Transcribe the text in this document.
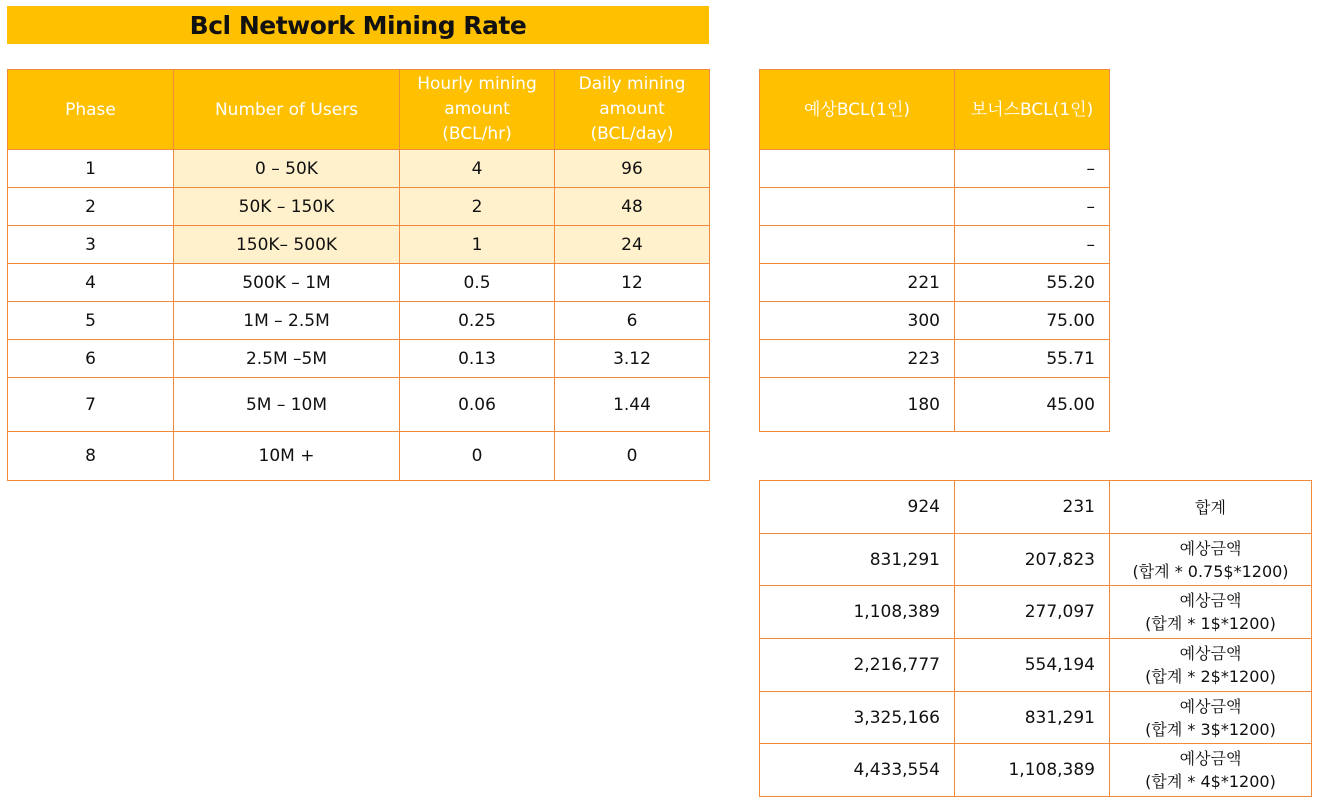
Bcl Network Mining Rate
Phase	Number of Users	Hourly mining amount (BCL/hr)	Daily mining amount (BCL/day)
1	0 – 50K	4	96
2	50K – 150K	2	48
3	150K– 500K	1	24
4	500K – 1M	0.5	12
5	1M – 2.5M	0.25	6
6	2.5M –5M	0.13	3.12
7	5M – 10M	0.06	1.44
8	10M +	0	0
예상BCL(1인)	보너스BCL(1인)
	–
	–
	–
221	55.20
300	75.00
223	55.71
180	45.00
924	231	합계
831,291	207,823	예상금액
(합계 * 0.75$*1200)
1,108,389	277,097	예상금액
(합계 * 1$*1200)
2,216,777	554,194	예상금액
(합계 * 2$*1200)
3,325,166	831,291	예상금액
(합계 * 3$*1200)
4,433,554	1,108,389	예상금액
(합계 * 4$*1200)
